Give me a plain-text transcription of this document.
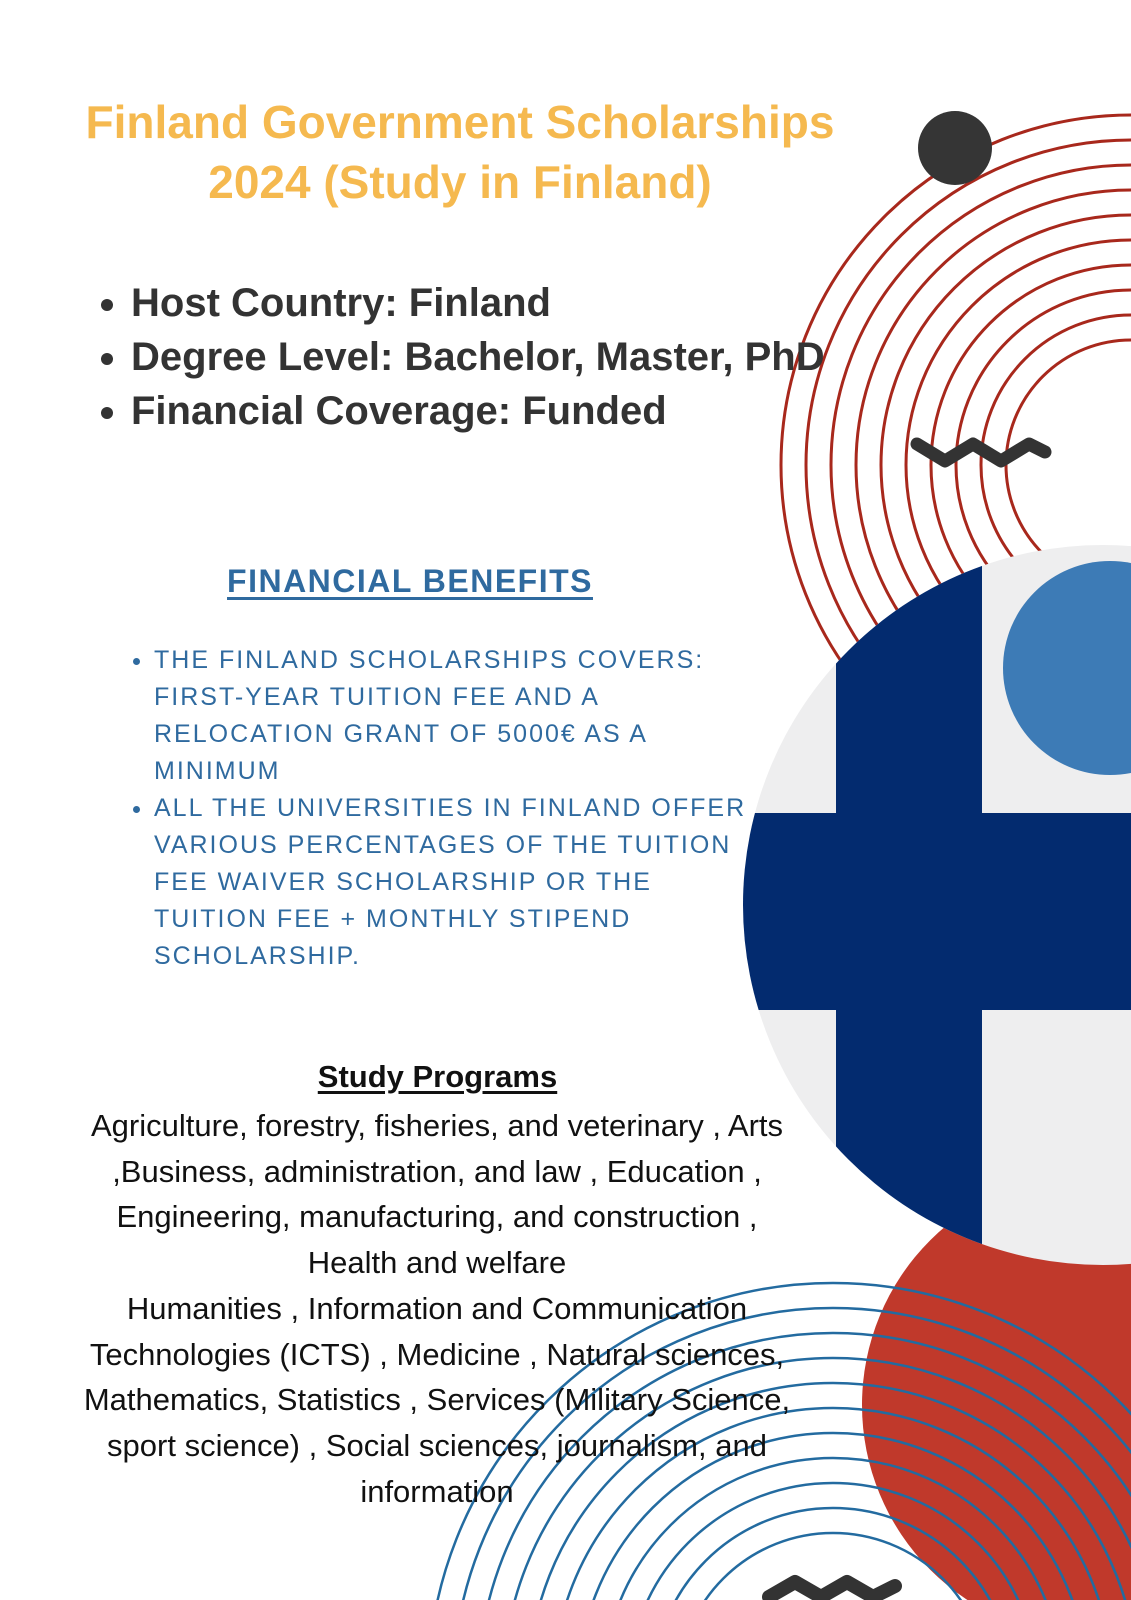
Finland Government Scholarships
2024 (Study in Finland)
• Host Country: Finland
• Degree Level: Bachelor, Master, PhD
• Financial Coverage: Funded
FINANCIAL BENEFITS
• THE FINLAND SCHOLARSHIPS COVERS: FIRST-YEAR TUITION FEE AND A RELOCATION GRANT OF 5000€ AS A MINIMUM
• ALL THE UNIVERSITIES IN FINLAND OFFER VARIOUS PERCENTAGES OF THE TUITION FEE WAIVER SCHOLARSHIP OR THE TUITION FEE + MONTHLY STIPEND SCHOLARSHIP.
Study Programs
Agriculture, forestry, fisheries, and veterinary , Arts
,Business, administration, and law , Education ,
Engineering, manufacturing, and construction ,
Health and welfare
Humanities , Information and Communication
Technologies (ICTS) , Medicine , Natural sciences,
Mathematics, Statistics , Services (Military Science,
sport science) , Social sciences, journalism, and
information
